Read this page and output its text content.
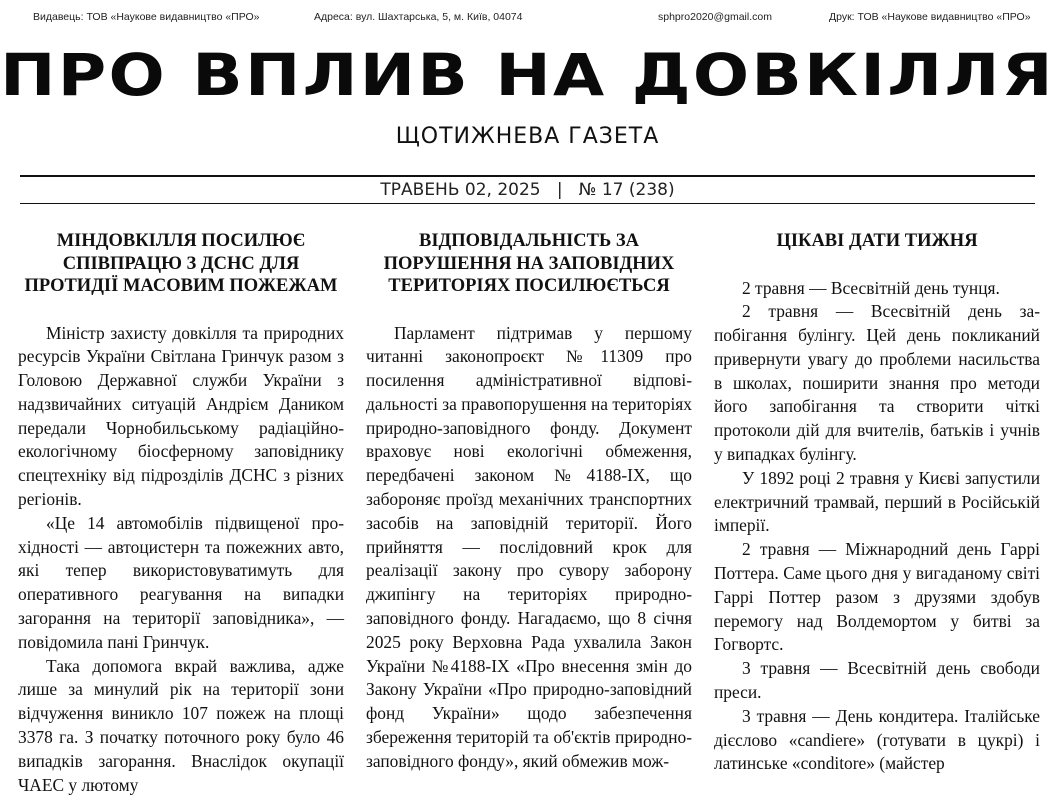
Видавець: ТОВ «Наукове видавництво «ПРО»	Адреса: вул. Шахтарська, 5, м. Київ, 04074	sphpro2020@gmail.com	Друк: ТОВ «Наукове видавництво «ПРО»
ПРО ВПЛИВ НА ДОВКІЛЛЯ
ЩОТИЖНЕВА ГАЗЕТА
ТРАВЕНЬ 02, 2025   |   № 17 (238)
МІНДОВКІЛЛЯ ПОСИЛЮЄ СПІВПРАЦЮ З ДСНС ДЛЯ ПРОТИДІЇ МАСОВИМ ПОЖЕЖАМ

Міністр захисту довкілля та природних ресурсів України Світлана Гринчук разом з Головою Державної служби України з надзвичайних ситуацій Андрієм Даником передали Чорнобильському радіаційно-екологічному біосферному заповіднику спецтехніку від підрозділів ДСНС з різних регіонів.

«Це 14 автомобілів підвищеної прохідності — автоцистерн та пожежних авто, які тепер використовуватимуть для оперативного реагування на випадки загорання на території заповідника», — повідомила пані Гринчук.

Така допомога вкрай важлива, адже лише за минулий рік на території зони відчуження виникло 107 пожеж на площі 3378 га. З початку поточного року було 46 випадків загорання. Внаслідок окупації ЧАЕС у лютому

ВІДПОВІДАЛЬНІСТЬ ЗА ПОРУШЕННЯ НА ЗАПОВІДНИХ ТЕРИТОРІЯХ ПОСИЛЮЄТЬСЯ

Парламент підтримав у першому читанні законопроєкт №11309 про посилення адміністративної відповідальності за правопорушення на територіях природно-заповідного фонду. Документ враховує нові екологічні обмеження, передбачені законом №4188-IX, що забороняє проїзд механічних транспортних засобів на заповідній території. Його прийняття — послідовний крок для реалізації закону про суворy заборону джипінгу на територіях природно-заповідного фонду. Нагадаємо, що 8 січня 2025 року Верховна Рада ухвалила Закон України №4188-IX «Про внесення змін до Закону України «Про природно-заповідний фонд України» щодо забезпечення збереження територій та об'єктів природно-заповідного фонду», який обмежив мож-

ЦІКАВІ ДАТИ ТИЖНЯ

2 травня — Всесвітній день тунця.

2 травня — Всесвітній день запобігання булінгу. Цей день покликаний привернути увагу до проблеми насильства в школах, поширити знання про методи його запобігання та створити чіткі протоколи дій для вчителів, батьків і учнів у випадках булінгу.

У 1892 році 2 травня у Києві запустили електричний трамвай, перший в Російській імперії.

2 травня — Міжнародний день Гаррі Поттера. Саме цього дня у вигаданому світі Гаррі Поттер разом з друзями здобув перемогу над Волдемортом у битві за Гогвортс.

3 травня — Всесвітній день свободи преси.

3 травня — День кондитера. Італійське дієслово «candiere» (готувати в цукрі) і латинське «conditore» (майстер
